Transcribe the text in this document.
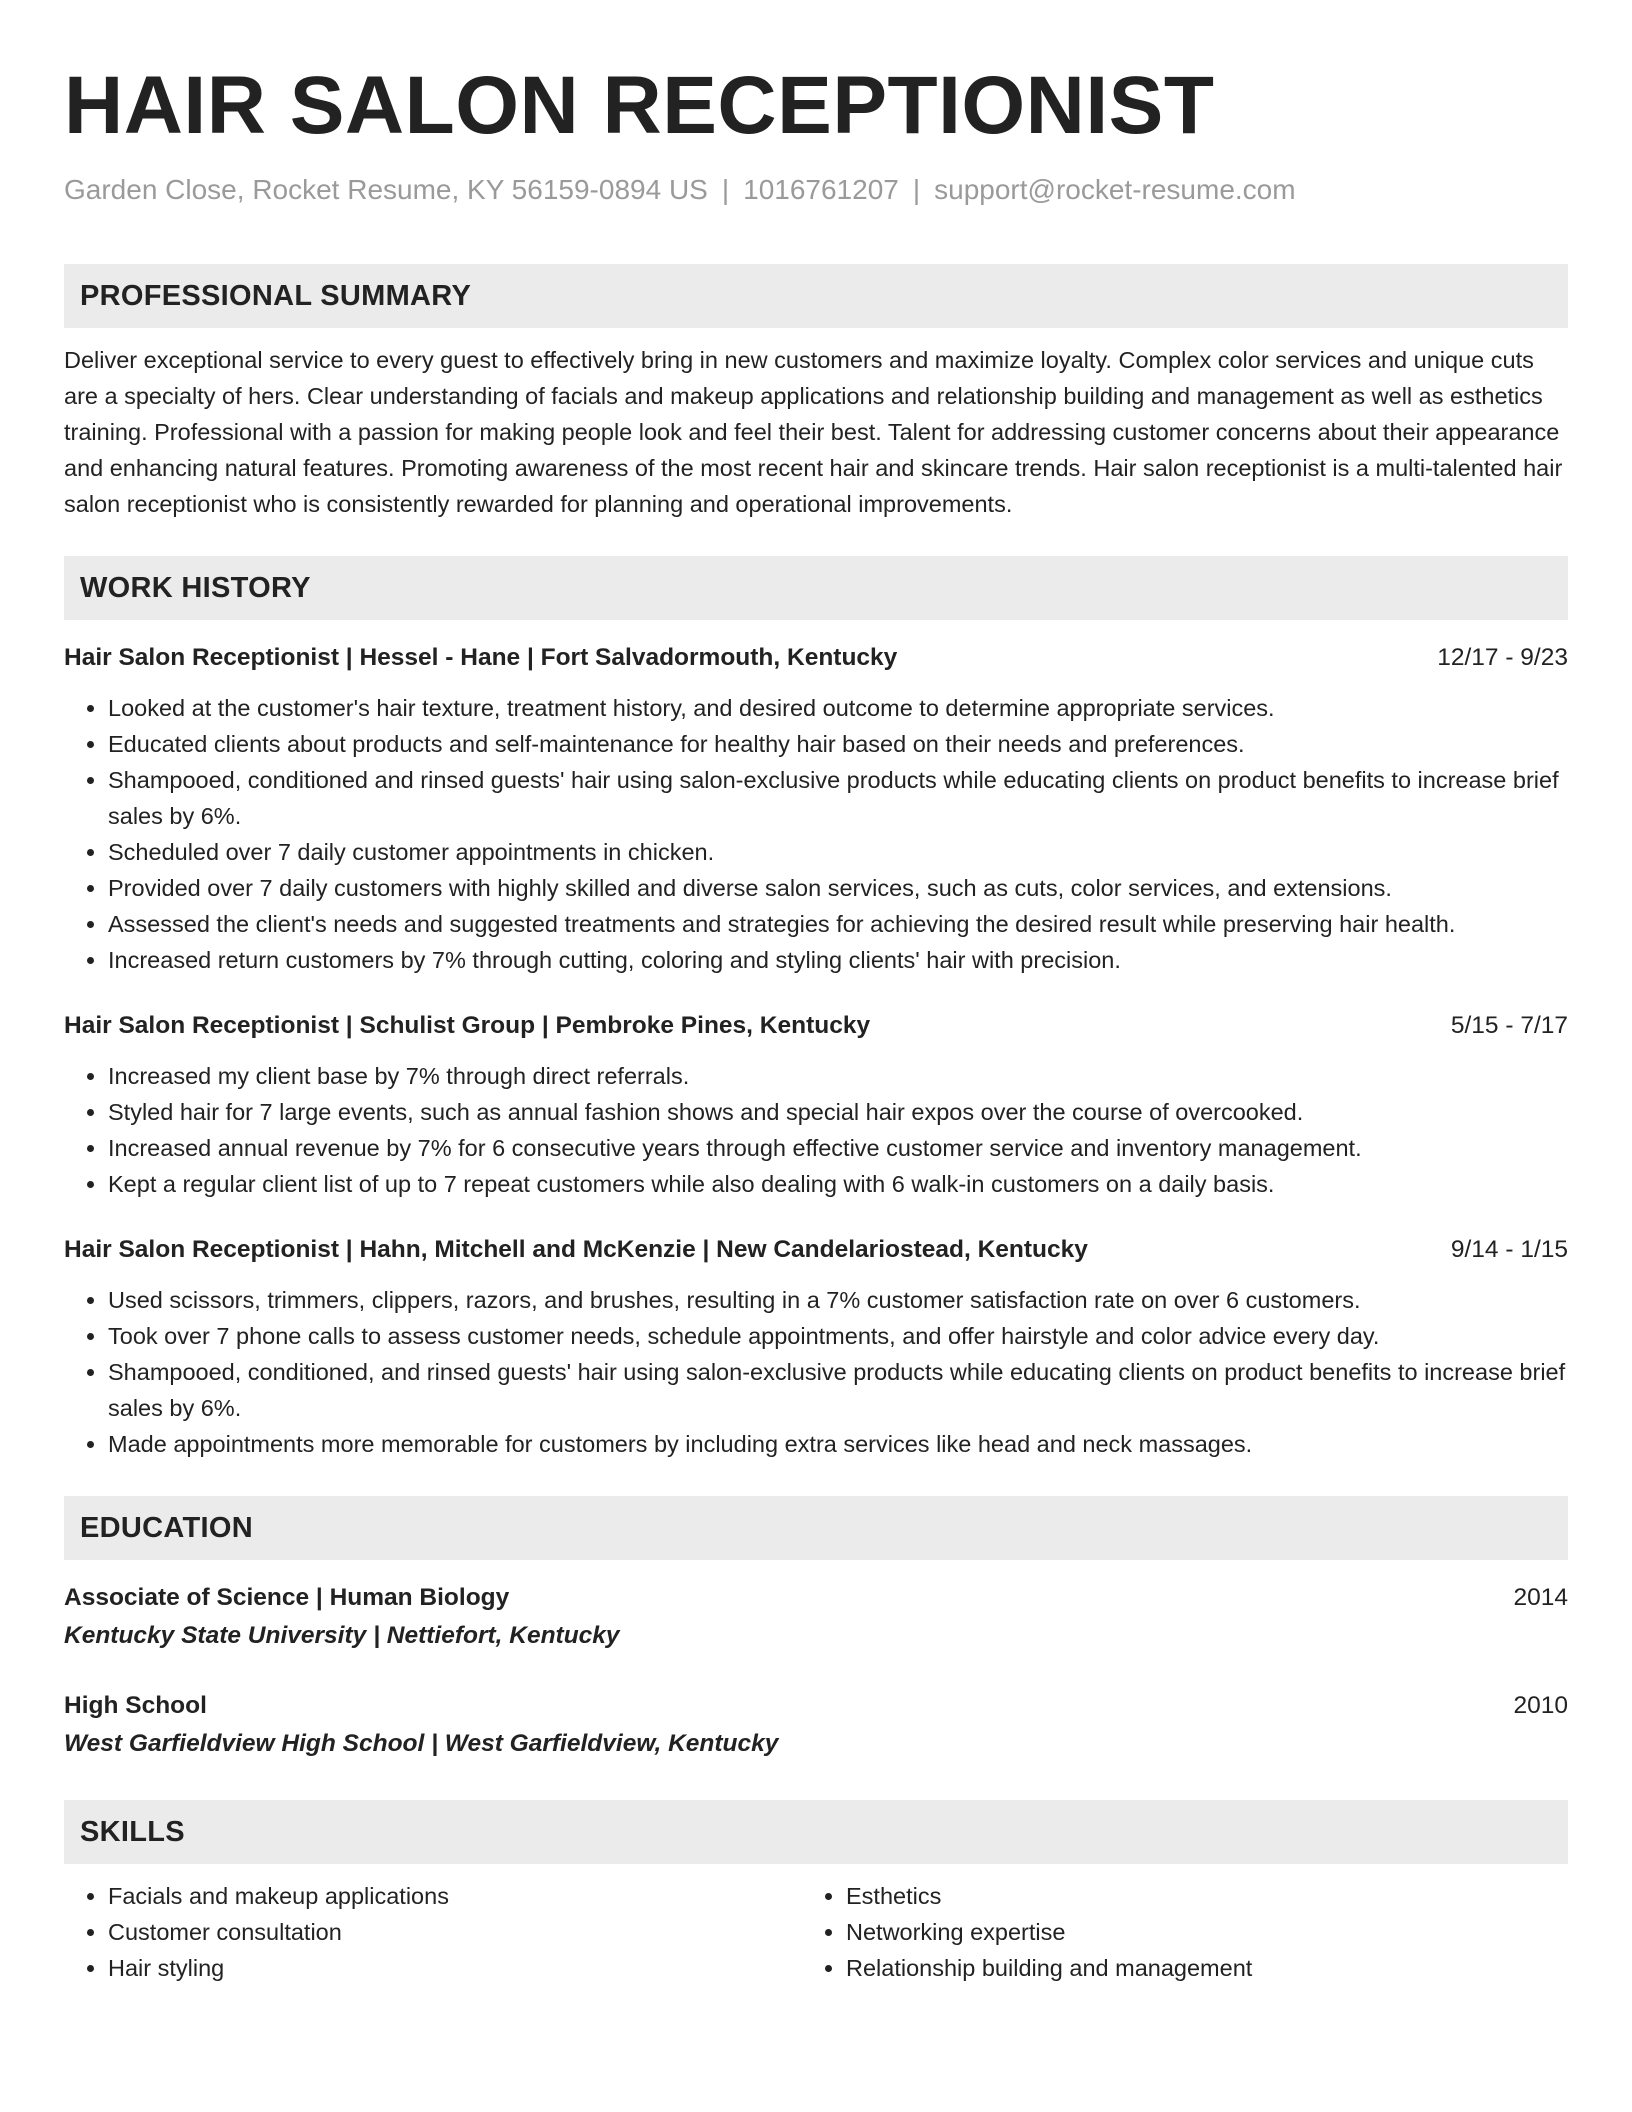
HAIR SALON RECEPTIONIST
Garden Close, Rocket Resume, KY 56159-0894 US | 1016761207 | support@rocket-resume.com
PROFESSIONAL SUMMARY
Deliver exceptional service to every guest to effectively bring in new customers and maximize loyalty. Complex color services and unique cuts are a specialty of hers. Clear understanding of facials and makeup applications and relationship building and management as well as esthetics training. Professional with a passion for making people look and feel their best. Talent for addressing customer concerns about their appearance and enhancing natural features. Promoting awareness of the most recent hair and skincare trends. Hair salon receptionist is a multi-talented hair salon receptionist who is consistently rewarded for planning and operational improvements.
WORK HISTORY
Hair Salon Receptionist | Hessel - Hane | Fort Salvadormouth, Kentucky	12/17 - 9/23
• Looked at the customer's hair texture, treatment history, and desired outcome to determine appropriate services.
• Educated clients about products and self-maintenance for healthy hair based on their needs and preferences.
• Shampooed, conditioned and rinsed guests' hair using salon-exclusive products while educating clients on product benefits to increase brief sales by 6%.
• Scheduled over 7 daily customer appointments in chicken.
• Provided over 7 daily customers with highly skilled and diverse salon services, such as cuts, color services, and extensions.
• Assessed the client's needs and suggested treatments and strategies for achieving the desired result while preserving hair health.
• Increased return customers by 7% through cutting, coloring and styling clients' hair with precision.
Hair Salon Receptionist | Schulist Group | Pembroke Pines, Kentucky	5/15 - 7/17
• Increased my client base by 7% through direct referrals.
• Styled hair for 7 large events, such as annual fashion shows and special hair expos over the course of overcooked.
• Increased annual revenue by 7% for 6 consecutive years through effective customer service and inventory management.
• Kept a regular client list of up to 7 repeat customers while also dealing with 6 walk-in customers on a daily basis.
Hair Salon Receptionist | Hahn, Mitchell and McKenzie | New Candelariostead, Kentucky	9/14 - 1/15
• Used scissors, trimmers, clippers, razors, and brushes, resulting in a 7% customer satisfaction rate on over 6 customers.
• Took over 7 phone calls to assess customer needs, schedule appointments, and offer hairstyle and color advice every day.
• Shampooed, conditioned, and rinsed guests' hair using salon-exclusive products while educating clients on product benefits to increase brief sales by 6%.
• Made appointments more memorable for customers by including extra services like head and neck massages.
EDUCATION
Associate of Science | Human Biology	2014
Kentucky State University | Nettiefort, Kentucky
High School	2010
West Garfieldview High School | West Garfieldview, Kentucky
SKILLS
• Facials and makeup applications
• Customer consultation
• Hair styling
• Esthetics
• Networking expertise
• Relationship building and management
